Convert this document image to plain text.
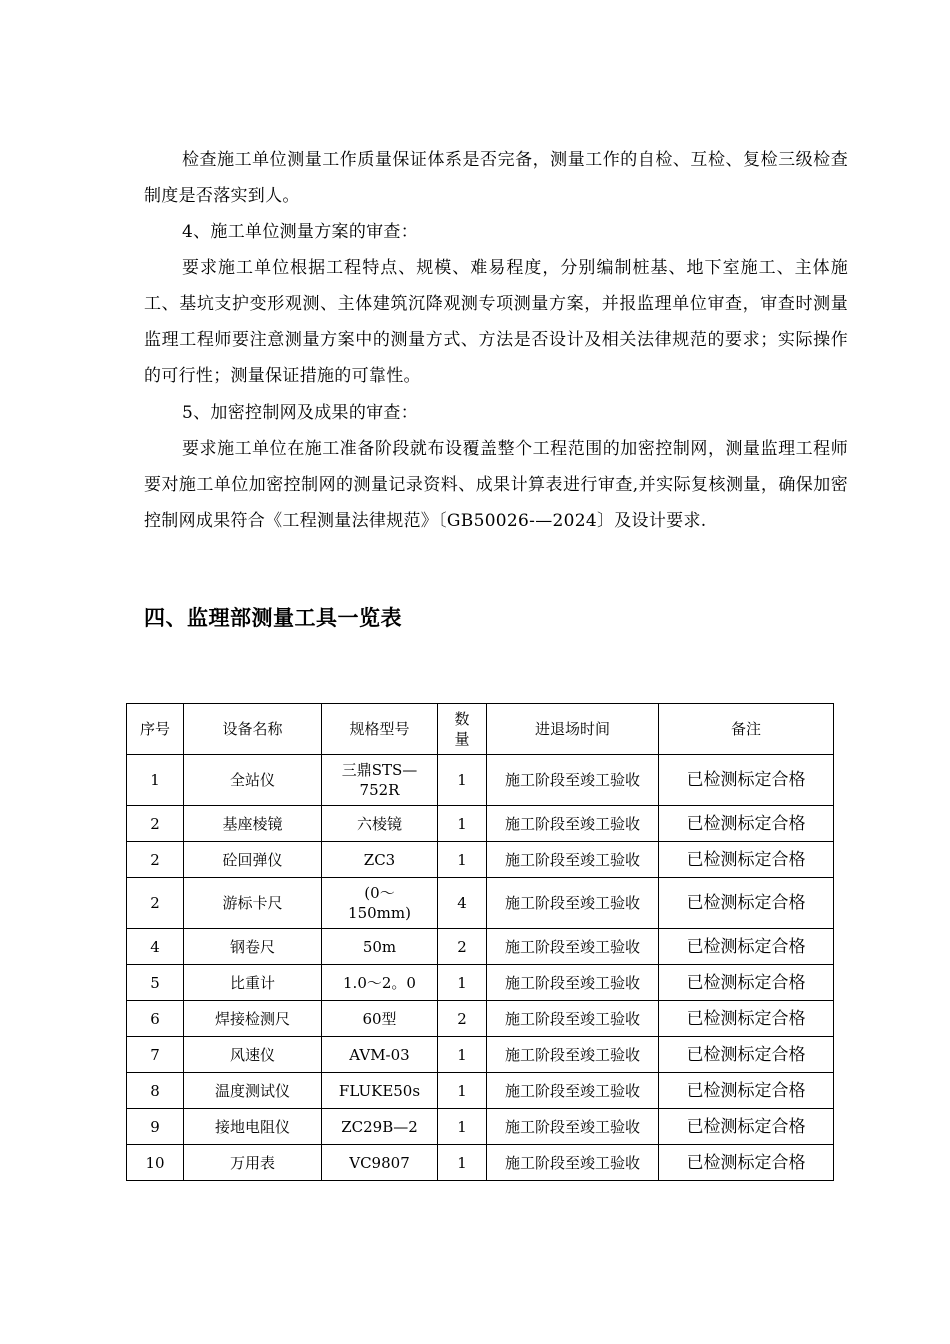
检查施工单位测量工作质量保证体系是否完备，测量工作的自检、互检、复检三级检查制度是否落实到人。

4、施工单位测量方案的审查：

要求施工单位根据工程特点、规模、难易程度，分别编制桩基、地下室施工、主体施工、基坑支护变形观测、主体建筑沉降观测专项测量方案，并报监理单位审查，审查时测量监理工程师要注意测量方案中的测量方式、方法是否设计及相关法律规范的要求；实际操作的可行性；测量保证措施的可靠性。

5、加密控制网及成果的审查：

要求施工单位在施工准备阶段就布设覆盖整个工程范围的加密控制网，测量监理工程师要对施工单位加密控制网的测量记录资料、成果计算表进行审查,并实际复核测量，确保加密控制网成果符合《工程测量法律规范》〔GB50026-—2024〕及设计要求.

四、监理部测量工具一览表
序号	设备名称	规格型号	数量	进退场时间	备注
1	全站仪	三鼎STS—752R	1	施工阶段至竣工验收	已检测标定合格
2	基座棱镜	六棱镜	1	施工阶段至竣工验收	已检测标定合格
2	砼回弹仪	ZC3	1	施工阶段至竣工验收	已检测标定合格
2	游标卡尺	(0～150mm)	4	施工阶段至竣工验收	已检测标定合格
4	钢卷尺	50m	2	施工阶段至竣工验收	已检测标定合格
5	比重计	1.0～2。0	1	施工阶段至竣工验收	已检测标定合格
6	焊接检测尺	60型	2	施工阶段至竣工验收	已检测标定合格
7	风速仪	AVM-03	1	施工阶段至竣工验收	已检测标定合格
8	温度测试仪	FLUKE50s	1	施工阶段至竣工验收	已检测标定合格
9	接地电阻仪	ZC29B—2	1	施工阶段至竣工验收	已检测标定合格
10	万用表	VC9807	1	施工阶段至竣工验收	已检测标定合格
